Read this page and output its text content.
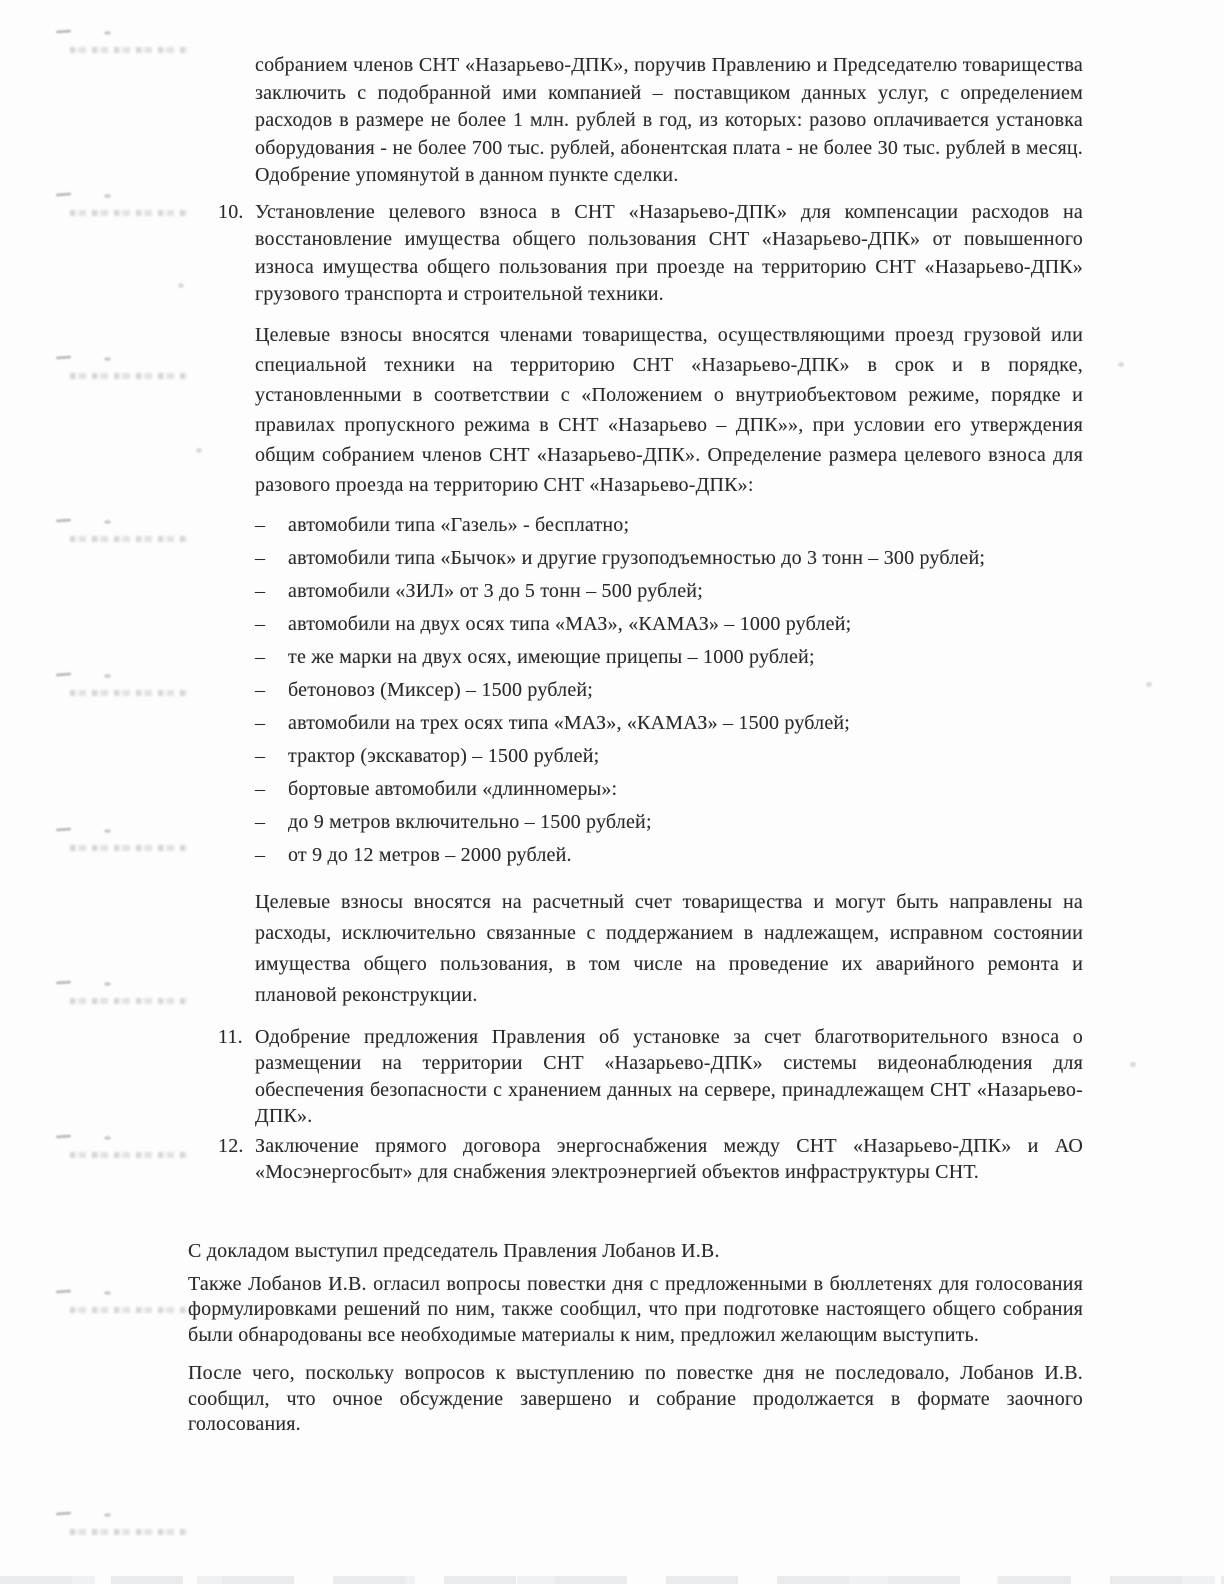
собранием членов СНТ «Назарьево-ДПК», поручив Правлению и Председателю товарищества заключить с подобранной ими компанией – поставщиком данных услуг, с определением расходов в размере не более 1 млн. рублей в год, из которых: разово оплачивается установка оборудования - не более 700 тыс. рублей, абонентская плата - не более 30 тыс. рублей в месяц. Одобрение упомянутой в данном пункте сделки.

10. Установление целевого взноса в СНТ «Назарьево-ДПК» для компенсации расходов на восстановление имущества общего пользования СНТ «Назарьево-ДПК» от повышенного износа имущества общего пользования при проезде на территорию СНТ «Назарьево-ДПК» грузового транспорта и строительной техники.

Целевые взносы вносятся членами товарищества, осуществляющими проезд грузовой или специальной техники на территорию СНТ «Назарьево-ДПК» в срок и в порядке, установленными в соответствии с «Положением о внутриобъектовом режиме, порядке и правилах пропускного режима в СНТ «Назарьево – ДПК»», при условии его утверждения общим собранием членов СНТ «Назарьево-ДПК». Определение размера целевого взноса для разового проезда на территорию СНТ «Назарьево-ДПК»:

–	автомобили типа «Газель» - бесплатно;
–	автомобили типа «Бычок» и другие грузоподъемностью до 3 тонн – 300 рублей;
–	автомобили «ЗИЛ» от 3 до 5 тонн – 500 рублей;
–	автомобили на двух осях типа «МАЗ», «КАМАЗ» – 1000 рублей;
–	те же марки на двух осях, имеющие прицепы – 1000 рублей;
–	бетоновоз (Миксер) – 1500 рублей;
–	автомобили на трех осях типа «МАЗ», «КАМАЗ» – 1500 рублей;
–	трактор (экскаватор) – 1500 рублей;
–	бортовые автомобили «длинномеры»:
–	до 9 метров включительно – 1500 рублей;
–	от 9 до 12 метров – 2000 рублей.

Целевые взносы вносятся на расчетный счет товарищества и могут быть направлены на расходы, исключительно связанные с поддержанием в надлежащем, исправном состоянии имущества общего пользования, в том числе на проведение их аварийного ремонта и плановой реконструкции.

11. Одобрение предложения Правления об установке за счет благотворительного взноса о размещении на территории СНТ «Назарьево-ДПК» системы видеонаблюдения для обеспечения безопасности с хранением данных на сервере, принадлежащем СНТ «Назарьево-ДПК».
12. Заключение прямого договора энергоснабжения между СНТ «Назарьево-ДПК» и АО «Мосэнергосбыт» для снабжения электроэнергией объектов инфраструктуры СНТ.

С докладом выступил председатель Правления Лобанов И.В.

Также Лобанов И.В. огласил вопросы повестки дня с предложенными в бюллетенях для голосования формулировками решений по ним, также сообщил, что при подготовке настоящего общего собрания были обнародованы все необходимые материалы к ним, предложил желающим выступить.

После чего, поскольку вопросов к выступлению по повестке дня не последовало, Лобанов И.В. сообщил, что очное обсуждение завершено и собрание продолжается в формате заочного голосования.
